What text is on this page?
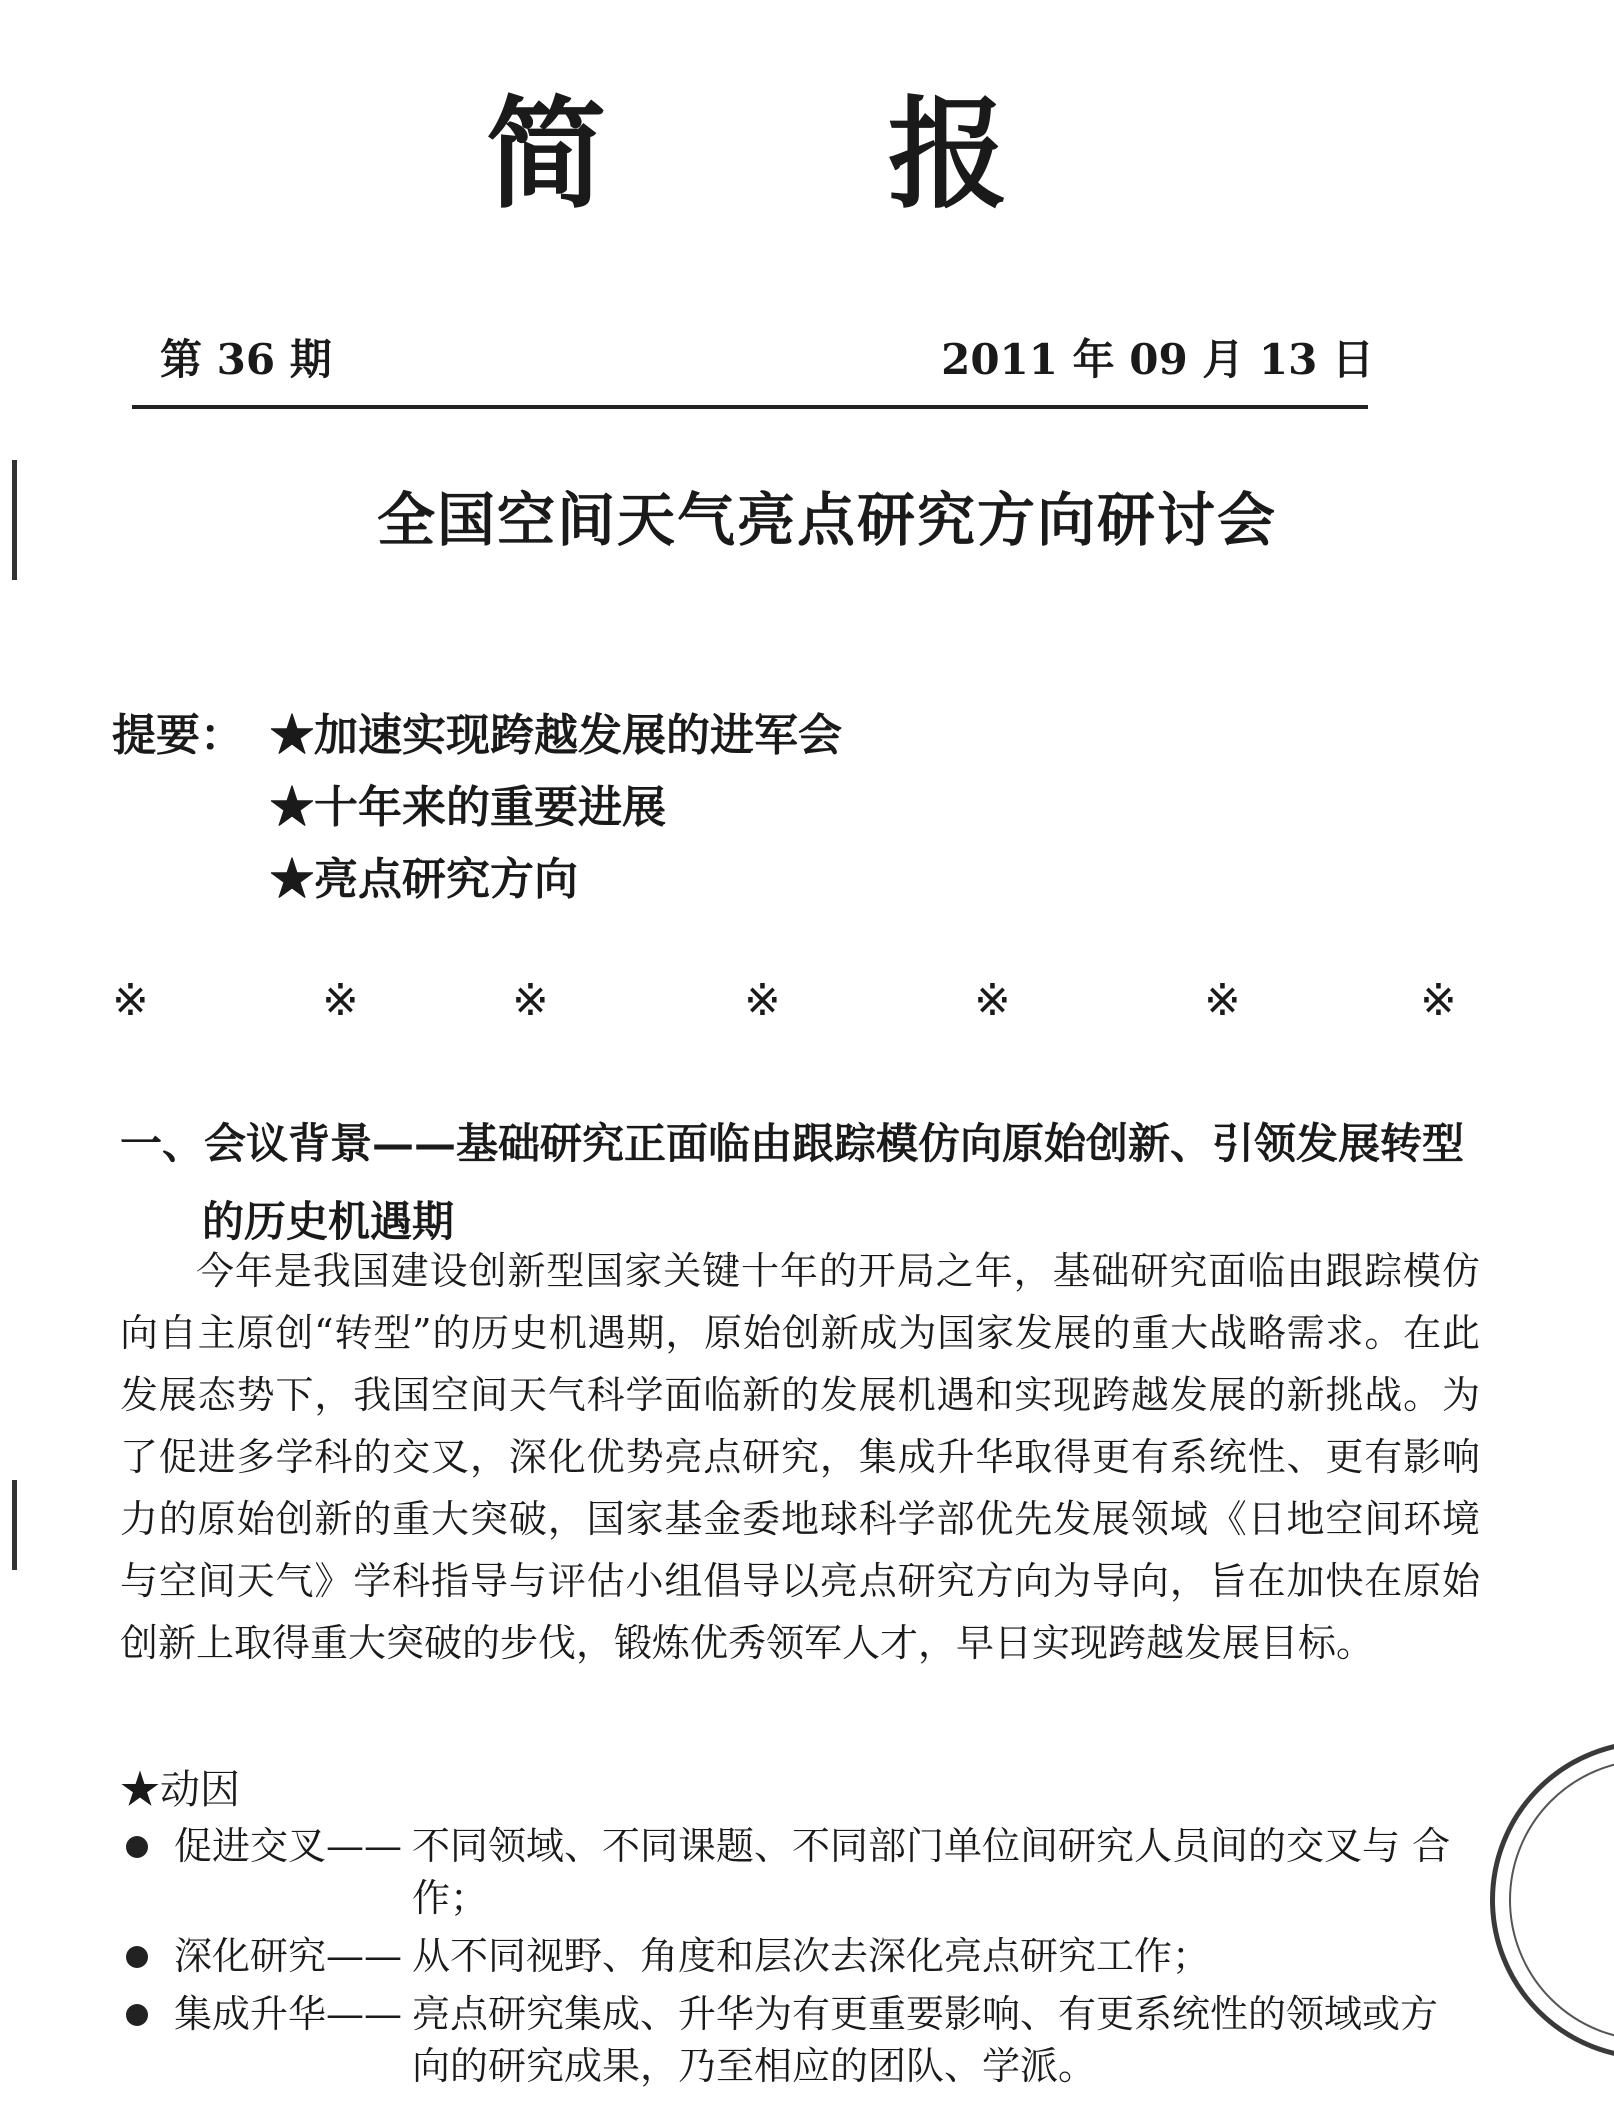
简 报
第 36 期	2011 年 09 月 13 日
全国空间天气亮点研究方向研讨会
提要： ★加速实现跨越发展的进军会
★十年来的重要进展
★亮点研究方向
※	※	※	※	※	※	※
一、会议背景——基础研究正面临由跟踪模仿向原始创新、引领发展转型
的历史机遇期
今年是我国建设创新型国家关键十年的开局之年，基础研究面临由跟踪模仿向自主原创“转型”的历史机遇期，原始创新成为国家发展的重大战略需求。在此发展态势下，我国空间天气科学面临新的发展机遇和实现跨越发展的新挑战。为了促进多学科的交叉，深化优势亮点研究，集成升华取得更有系统性、更有影响力的原始创新的重大突破，国家基金委地球科学部优先发展领域《日地空间环境与空间天气》学科指导与评估小组倡导以亮点研究方向为导向，旨在加快在原始创新上取得重大突破的步伐，锻炼优秀领军人才，早日实现跨越发展目标。
★动因
促进交叉—— 不同领域、不同课题、不同部门单位间研究人员间的交叉与 合作；
深化研究—— 从不同视野、角度和层次去深化亮点研究工作；
集成升华—— 亮点研究集成、升华为有更重要影响、有更系统性的领域或方向的研究成果，乃至相应的团队、学派。
